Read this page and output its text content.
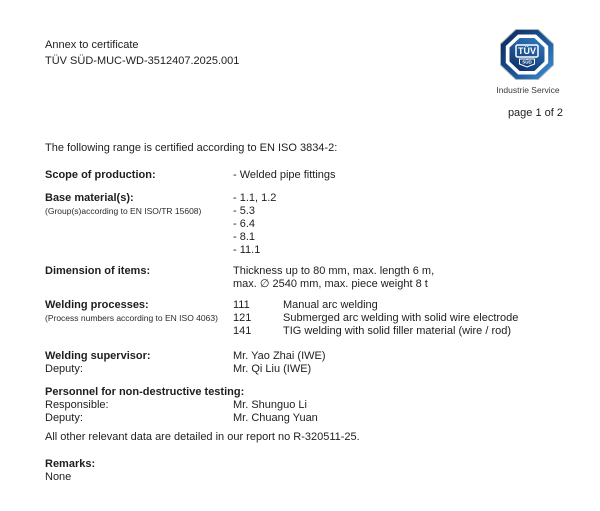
Annex to certificate
TÜV SÜD-MUC-WD-3512407.2025.001
TÜV
SÜD
Industrie Service
page 1 of 2
The following range is certified according to EN ISO 3834-2:
Scope of production:	- Welded pipe fittings
Base material(s):
(Group(s)according to EN ISO/TR 15608)
- 1.1, 1.2
- 5.3
- 6.4
- 8.1
- 11.1
Dimension of items:	Thickness up to 80 mm, max. length 6 m,
max. ∅ 2540 mm, max. piece weight 8 t
Welding processes:
(Process numbers according to EN ISO 4063)
111	Manual arc welding
121	Submerged arc welding with solid wire electrode
141	TIG welding with solid filler material (wire / rod)
Welding supervisor:	Mr. Yao Zhai (IWE)
Deputy:	Mr. Qi Liu (IWE)
Personnel for non-destructive testing:
Responsible:	Mr. Shunguo Li
Deputy:	Mr. Chuang Yuan
All other relevant data are detailed in our report no R-320511-25.
Remarks:
None
